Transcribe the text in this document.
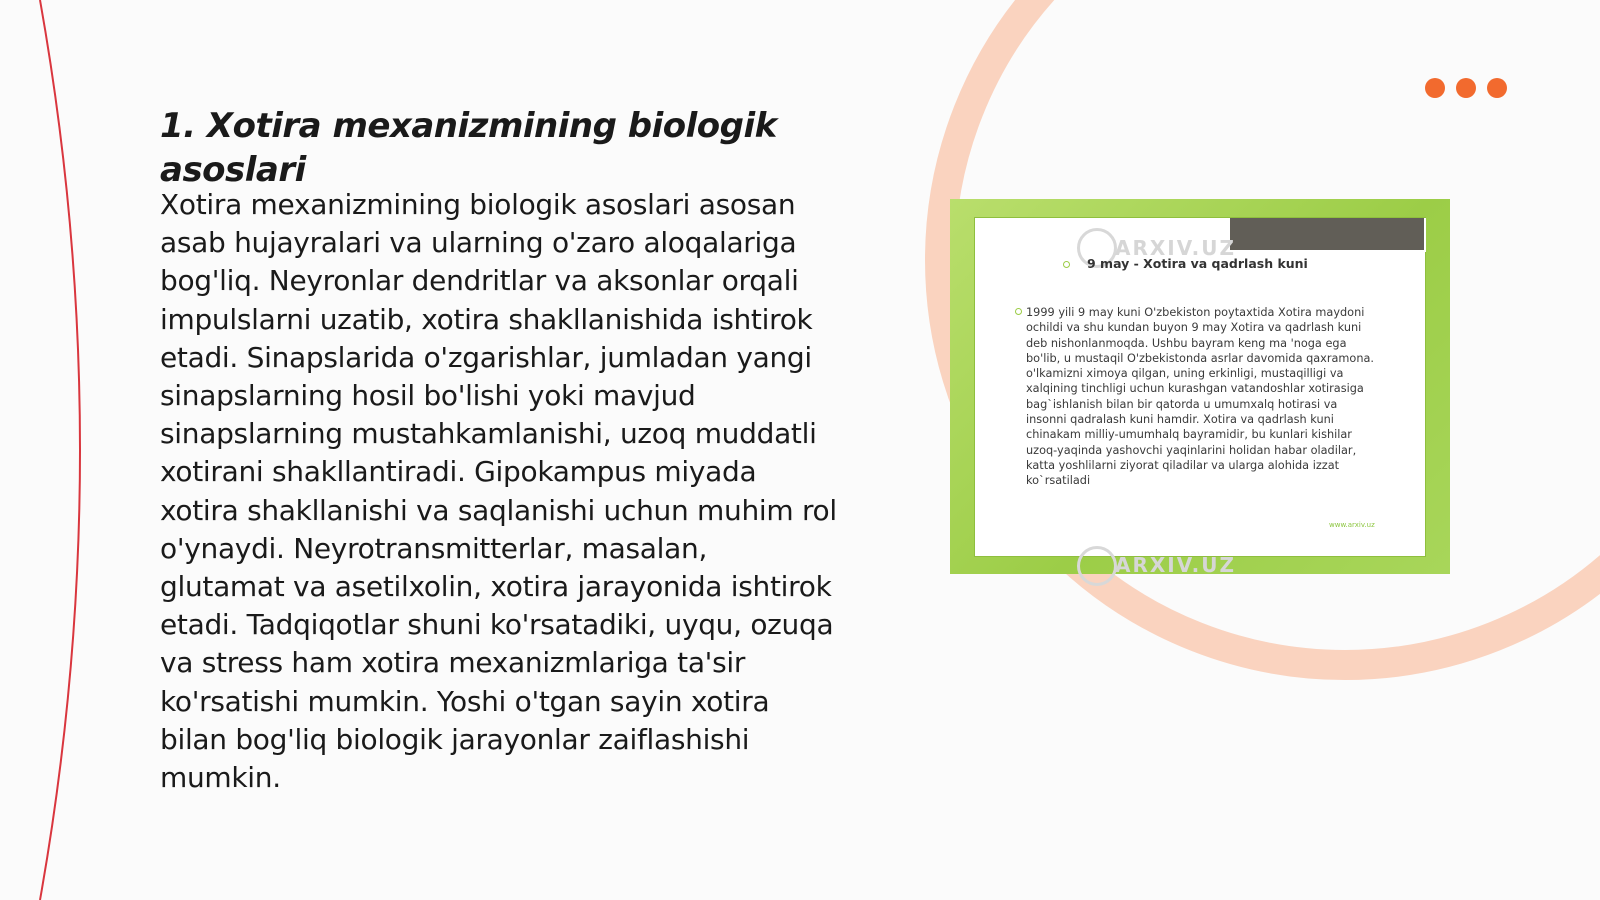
1. Xotira mexanizmining biologik asoslari

Xotira mexanizmining biologik asoslari asosan asab hujayralari va ularning o'zaro aloqalariga bog'liq. Neyronlar dendritlar va aksonlar orqali impulslarni uzatib, xotira shakllanishida ishtirok etadi. Sinapslarida o'zgarishlar, jumladan yangi sinapslarning hosil bo'lishi yoki mavjud sinapslarning mustahkamlanishi, uzoq muddatli xotirani shakllantiradi. Gipokampus miyada xotira shakllanishi va saqlanishi uchun muhim rol o'ynaydi. Neyrotransmitterlar, masalan, glutamat va asetilxolin, xotira jarayonida ishtirok etadi. Tadqiqotlar shuni ko'rsatadiki, uyqu, ozuqa va stress ham xotira mexanizmlariga ta'sir ko'rsatishi mumkin. Yoshi o'tgan sayin xotira bilan bog'liq biologik jarayonlar zaiflashishi mumkin.

ARXIV.UZ
9 may - Xotira va qadrlash kuni

1999 yili 9 may kuni O'zbekiston poytaxtida Xotira maydoni ochildi va shu kundan buyon 9 may Xotira va qadrlash kuni deb nishonlanmoqda. Ushbu bayram keng ma 'noga ega bo'lib, u mustaqil O'zbekistonda asrlar davomida qaxramona. o'lkamizni ximoya qilgan, uning erkinligi, mustaqilligi va xalqining tinchligi uchun kurashgan vatandoshlar xotirasiga bag`ishlanish bilan bir qatorda u umumxalq hotirasi va insonni qadralash kuni hamdir. Xotira va qadrlash kuni chinakam milliy-umumhalq bayramidir, bu kunlari kishilar uzoq-yaqinda yashovchi yaqinlarini holidan habar oladilar, katta yoshlilarni ziyorat qiladilar va ularga alohida izzat ko`rsatiladi

www.arxiv.uz
ARXIV.UZ
